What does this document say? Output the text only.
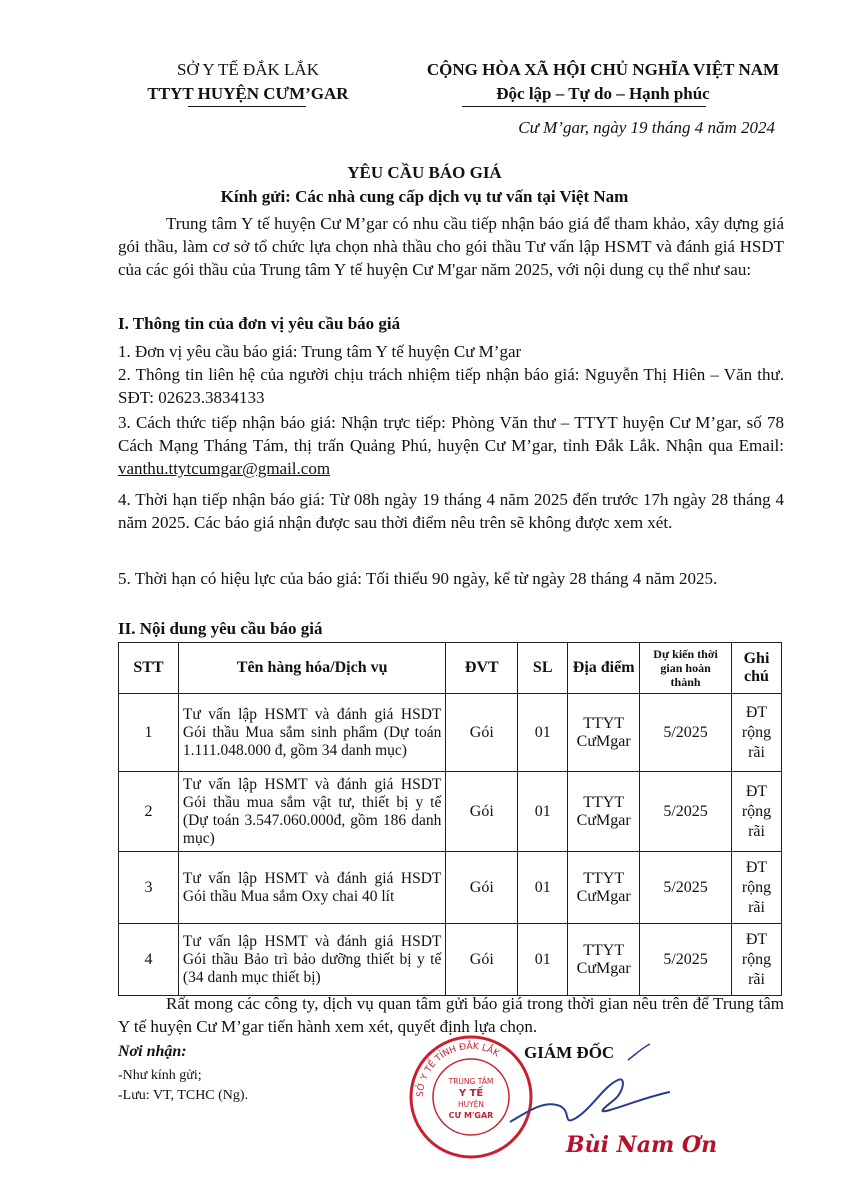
SỞ Y TẾ ĐẮK LẮK
TTYT HUYỆN CƯM’GAR
CỘNG HÒA XÃ HỘI CHỦ NGHĨA VIỆT NAM
Độc lập – Tự do – Hạnh phúc
Cư M’gar, ngày 19 tháng 4 năm 2024
YÊU CẦU BÁO GIÁ
Kính gửi: Các nhà cung cấp dịch vụ tư vấn tại Việt Nam
Trung tâm Y tế huyện Cư M’gar có nhu cầu tiếp nhận báo giá để tham khảo, xây dựng giá gói thầu, làm cơ sở tổ chức lựa chọn nhà thầu cho gói thầu Tư vấn lập HSMT và đánh giá HSDT của các gói thầu của Trung tâm Y tế huyện Cư M'gar năm 2025, với nội dung cụ thể như sau:
I. Thông tin của đơn vị yêu cầu báo giá
1. Đơn vị yêu cầu báo giá: Trung tâm Y tế huyện Cư M’gar
2. Thông tin liên hệ của người chịu trách nhiệm tiếp nhận báo giá: Nguyễn Thị Hiên – Văn thư. SĐT: 02623.3834133
3. Cách thức tiếp nhận báo giá: Nhận trực tiếp: Phòng Văn thư – TTYT huyện Cư M’gar, số 78 Cách Mạng Tháng Tám, thị trấn Quảng Phú, huyện Cư M’gar, tỉnh Đắk Lắk. Nhận qua Email: vanthu.ttytcumgar@gmail.com
4. Thời hạn tiếp nhận báo giá: Từ 08h ngày 19 tháng 4 năm 2025 đến trước 17h ngày 28 tháng 4 năm 2025. Các báo giá nhận được sau thời điểm nêu trên sẽ không được xem xét.
5. Thời hạn có hiệu lực của báo giá: Tối thiểu 90 ngày, kể từ ngày 28 tháng 4 năm 2025.
II. Nội dung yêu cầu báo giá
STT	Tên hàng hóa/Dịch vụ	ĐVT	SL	Địa điểm	Dự kiến thời gian hoàn thành	Ghi chú
1	Tư vấn lập HSMT và đánh giá HSDT Gói thầu Mua sắm sinh phẩm (Dự toán 1.111.048.000 đ, gồm 34 danh mục)	Gói	01	TTYT CưMgar	5/2025	ĐT rộng rãi
2	Tư vấn lập HSMT và đánh giá HSDT Gói thầu mua sắm vật tư, thiết bị y tế (Dự toán 3.547.060.000đ, gồm 186 danh mục)	Gói	01	TTYT CưMgar	5/2025	ĐT rộng rãi
3	Tư vấn lập HSMT và đánh giá HSDT Gói thầu Mua sắm Oxy chai 40 lít	Gói	01	TTYT CưMgar	5/2025	ĐT rộng rãi
4	Tư vấn lập HSMT và đánh giá HSDT Gói thầu Bảo trì bảo dưỡng thiết bị y tế (34 danh mục thiết bị)	Gói	01	TTYT CưMgar	5/2025	ĐT rộng rãi
Rất mong các công ty, dịch vụ quan tâm gửi báo giá trong thời gian nêu trên để Trung tâm Y tế huyện Cư M’gar tiến hành xem xét, quyết định lựa chọn.
Nơi nhận:
-Như kính gửi;
-Lưu: VT, TCHC (Ng).
GIÁM ĐỐC
SỞ Y TẾ TỈNH ĐẮK LẮK
TRUNG TÂM
Y TẾ
HUYỆN
CƯ M'GAR
Bùi Nam Ơn
